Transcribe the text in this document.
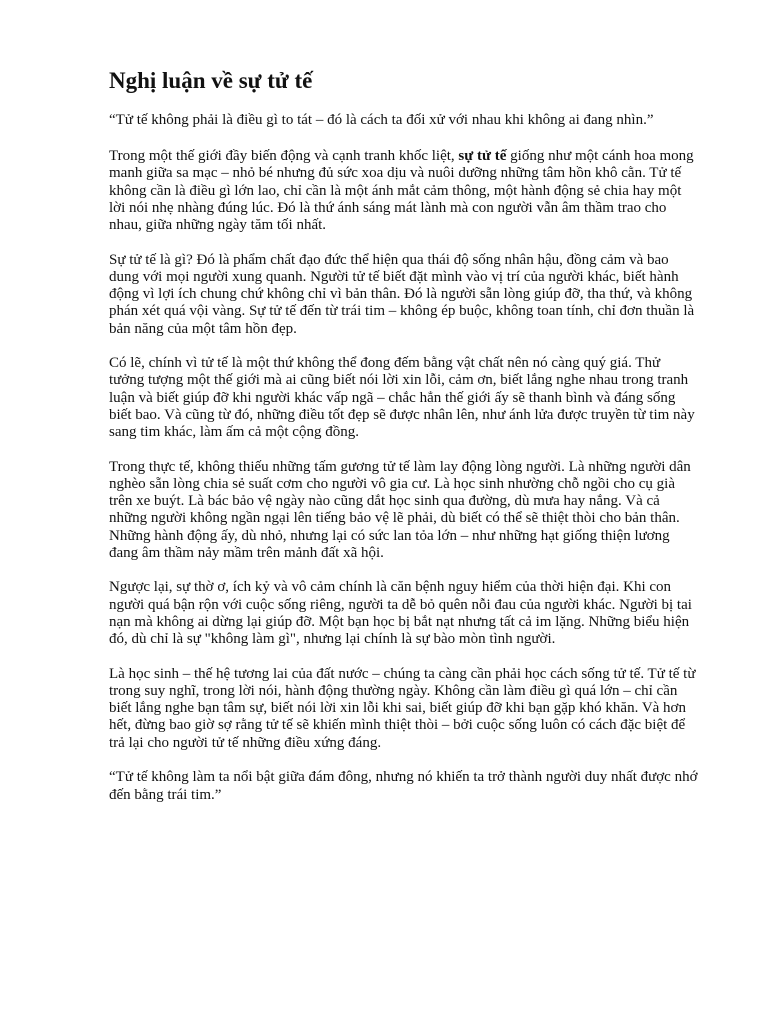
Nghị luận về sự tử tế

“Tử tế không phải là điều gì to tát – đó là cách ta đối xử với nhau khi không ai đang nhìn.”

Trong một thế giới đầy biến động và cạnh tranh khốc liệt, sự tử tế giống như một cánh hoa mong manh giữa sa mạc – nhỏ bé nhưng đủ sức xoa dịu và nuôi dưỡng những tâm hồn khô cằn. Tử tế không cần là điều gì lớn lao, chỉ cần là một ánh mắt cảm thông, một hành động sẻ chia hay một lời nói nhẹ nhàng đúng lúc. Đó là thứ ánh sáng mát lành mà con người vẫn âm thầm trao cho nhau, giữa những ngày tăm tối nhất.

Sự tử tế là gì? Đó là phẩm chất đạo đức thể hiện qua thái độ sống nhân hậu, đồng cảm và bao dung với mọi người xung quanh. Người tử tế biết đặt mình vào vị trí của người khác, biết hành động vì lợi ích chung chứ không chỉ vì bản thân. Đó là người sẵn lòng giúp đỡ, tha thứ, và không phán xét quá vội vàng. Sự tử tế đến từ trái tim – không ép buộc, không toan tính, chỉ đơn thuần là bản năng của một tâm hồn đẹp.

Có lẽ, chính vì tử tế là một thứ không thể đong đếm bằng vật chất nên nó càng quý giá. Thử tưởng tượng một thế giới mà ai cũng biết nói lời xin lỗi, cảm ơn, biết lắng nghe nhau trong tranh luận và biết giúp đỡ khi người khác vấp ngã – chắc hẳn thế giới ấy sẽ thanh bình và đáng sống biết bao. Và cũng từ đó, những điều tốt đẹp sẽ được nhân lên, như ánh lửa được truyền từ tim này sang tim khác, làm ấm cả một cộng đồng.

Trong thực tế, không thiếu những tấm gương tử tế làm lay động lòng người. Là những người dân nghèo sẵn lòng chia sẻ suất cơm cho người vô gia cư. Là học sinh nhường chỗ ngồi cho cụ già trên xe buýt. Là bác bảo vệ ngày nào cũng dắt học sinh qua đường, dù mưa hay nắng. Và cả những người không ngần ngại lên tiếng bảo vệ lẽ phải, dù biết có thể sẽ thiệt thòi cho bản thân. Những hành động ấy, dù nhỏ, nhưng lại có sức lan tỏa lớn – như những hạt giống thiện lương đang âm thầm nảy mầm trên mảnh đất xã hội.

Ngược lại, sự thờ ơ, ích kỷ và vô cảm chính là căn bệnh nguy hiểm của thời hiện đại. Khi con người quá bận rộn với cuộc sống riêng, người ta dễ bỏ quên nỗi đau của người khác. Người bị tai nạn mà không ai dừng lại giúp đỡ. Một bạn học bị bắt nạt nhưng tất cả im lặng. Những biểu hiện đó, dù chỉ là sự "không làm gì", nhưng lại chính là sự bào mòn tình người.

Là học sinh – thế hệ tương lai của đất nước – chúng ta càng cần phải học cách sống tử tế. Tử tế từ trong suy nghĩ, trong lời nói, hành động thường ngày. Không cần làm điều gì quá lớn – chỉ cần biết lắng nghe bạn tâm sự, biết nói lời xin lỗi khi sai, biết giúp đỡ khi bạn gặp khó khăn. Và hơn hết, đừng bao giờ sợ rằng tử tế sẽ khiến mình thiệt thòi – bởi cuộc sống luôn có cách đặc biệt để trả lại cho người tử tế những điều xứng đáng.

“Tử tế không làm ta nổi bật giữa đám đông, nhưng nó khiến ta trở thành người duy nhất được nhớ đến bằng trái tim.”
